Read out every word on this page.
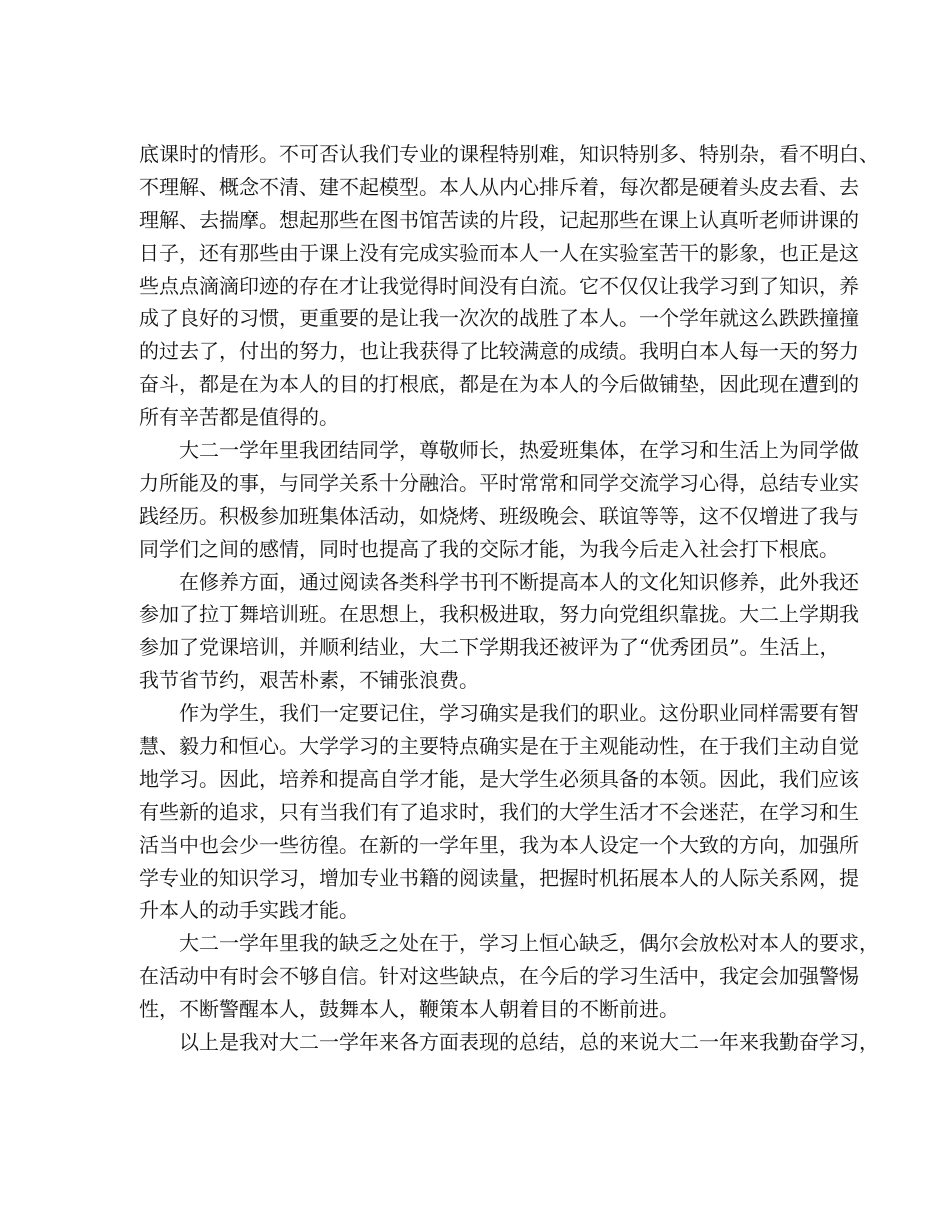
底课时的情形。不可否认我们专业的课程特别难，知识特别多、特别杂，看不明白、
不理解、概念不清、建不起模型。本人从内心排斥着，每次都是硬着头皮去看、去
理解、去揣摩。想起那些在图书馆苦读的片段，记起那些在课上认真听老师讲课的
日子，还有那些由于课上没有完成实验而本人一人在实验室苦干的影象，也正是这
些点点滴滴印迹的存在才让我觉得时间没有白流。它不仅仅让我学习到了知识，养
成了良好的习惯，更重要的是让我一次次的战胜了本人。一个学年就这么跌跌撞撞
的过去了，付出的努力，也让我获得了比较满意的成绩。我明白本人每一天的努力
奋斗，都是在为本人的目的打根底，都是在为本人的今后做铺垫，因此现在遭到的
所有辛苦都是值得的。
大二一学年里我团结同学，尊敬师长，热爱班集体，在学习和生活上为同学做
力所能及的事，与同学关系十分融洽。平时常常和同学交流学习心得，总结专业实
践经历。积极参加班集体活动，如烧烤、班级晚会、联谊等等，这不仅增进了我与
同学们之间的感情，同时也提高了我的交际才能，为我今后走入社会打下根底。
在修养方面，通过阅读各类科学书刊不断提高本人的文化知识修养，此外我还
参加了拉丁舞培训班。在思想上，我积极进取，努力向党组织靠拢。大二上学期我
参加了党课培训，并顺利结业，大二下学期我还被评为了“优秀团员”。生活上，
我节省节约，艰苦朴素，不铺张浪费。
作为学生，我们一定要记住，学习确实是我们的职业。这份职业同样需要有智
慧、毅力和恒心。大学学习的主要特点确实是在于主观能动性，在于我们主动自觉
地学习。因此，培养和提高自学才能，是大学生必须具备的本领。因此，我们应该
有些新的追求，只有当我们有了追求时，我们的大学生活才不会迷茫，在学习和生
活当中也会少一些彷徨。在新的一学年里，我为本人设定一个大致的方向，加强所
学专业的知识学习，增加专业书籍的阅读量，把握时机拓展本人的人际关系网，提
升本人的动手实践才能。
大二一学年里我的缺乏之处在于，学习上恒心缺乏，偶尔会放松对本人的要求，
在活动中有时会不够自信。针对这些缺点，在今后的学习生活中，我定会加强警惕
性，不断警醒本人，鼓舞本人，鞭策本人朝着目的不断前进。
以上是我对大二一学年来各方面表现的总结，总的来说大二一年来我勤奋学习，
